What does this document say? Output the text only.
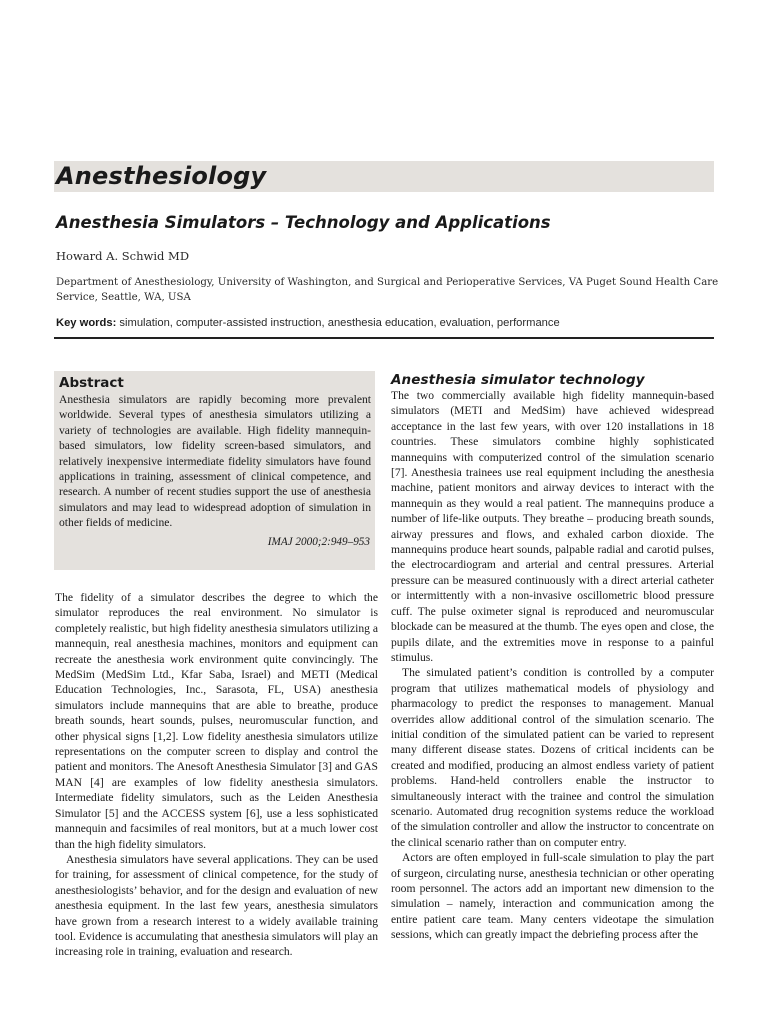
Anesthesiology
Anesthesia Simulators – Technology and Applications
Howard A. Schwid MD
Department of Anesthesiology, University of Washington, and Surgical and Perioperative Services, VA Puget Sound Health Care Service, Seattle, WA, USA
Key words: simulation, computer-assisted instruction, anesthesia education, evaluation, performance
Abstract
Anesthesia simulators are rapidly becoming more prevalent worldwide. Several types of anesthesia simulators utilizing a variety of technologies are available. High fidelity mannequin-based simulators, low fidelity screen-based simulators, and relatively inexpensive intermediate fidelity simulators have found applications in training, assessment of clinical competence, and research. A number of recent studies support the use of anesthesia simulators and may lead to widespread adoption of simulation in other fields of medicine.
IMAJ 2000;2:949–953

The fidelity of a simulator describes the degree to which the simulator reproduces the real environment. No simulator is completely realistic, but high fidelity anesthesia simulators utilizing a mannequin, real anesthesia machines, monitors and equipment can recreate the anesthesia work environment quite convincingly. The MedSim (MedSim Ltd., Kfar Saba, Israel) and METI (Medical Education Technologies, Inc., Sarasota, FL, USA) anesthesia simulators include mannequins that are able to breathe, produce breath sounds, heart sounds, pulses, neuromuscular function, and other physical signs [1,2]. Low fidelity anesthesia simulators utilize representations on the computer screen to display and control the patient and monitors. The Anesoft Anesthesia Simulator [3] and GAS MAN [4] are examples of low fidelity anesthesia simulators. Intermediate fidelity simulators, such as the Leiden Anesthesia Simulator [5] and the ACCESS system [6], use a less sophisticated mannequin and facsimiles of real monitors, but at a much lower cost than the high fidelity simulators.

Anesthesia simulators have several applications. They can be used for training, for assessment of clinical competence, for the study of anesthesiologists’ behavior, and for the design and evaluation of new anesthesia equipment. In the last few years, anesthesia simulators have grown from a research interest to a widely available training tool. Evidence is accumulating that anesthesia simulators will play an increasing role in training, evaluation and research.

Anesthesia simulator technology

The two commercially available high fidelity mannequin-based simulators (METI and MedSim) have achieved widespread acceptance in the last few years, with over 120 installations in 18 countries. These simulators combine highly sophisticated mannequins with computerized control of the simulation scenario [7]. Anesthesia trainees use real equipment including the anesthesia machine, patient monitors and airway devices to interact with the mannequin as they would a real patient. The mannequins produce a number of life-like outputs. They breathe – producing breath sounds, airway pressures and flows, and exhaled carbon dioxide. The mannequins produce heart sounds, palpable radial and carotid pulses, the electrocardiogram and arterial and central pressures. Arterial pressure can be measured continuously with a direct arterial catheter or intermittently with a non-invasive oscillometric blood pressure cuff. The pulse oximeter signal is reproduced and neuromuscular blockade can be measured at the thumb. The eyes open and close, the pupils dilate, and the extremities move in response to a painful stimulus.

The simulated patient’s condition is controlled by a computer program that utilizes mathematical models of physiology and pharmacology to predict the responses to management. Manual overrides allow additional control of the simulation scenario. The initial condition of the simulated patient can be varied to represent many different disease states. Dozens of critical incidents can be created and modified, producing an almost endless variety of patient problems. Hand-held controllers enable the instructor to simultaneously interact with the trainee and control the simulation scenario. Automated drug recognition systems reduce the workload of the simulation controller and allow the instructor to concentrate on the clinical scenario rather than on computer entry.

Actors are often employed in full-scale simulation to play the part of surgeon, circulating nurse, anesthesia technician or other operating room personnel. The actors add an important new dimension to the simulation – namely, interaction and communication among the entire patient care team. Many centers videotape the simulation sessions, which can greatly impact the debriefing process after the
